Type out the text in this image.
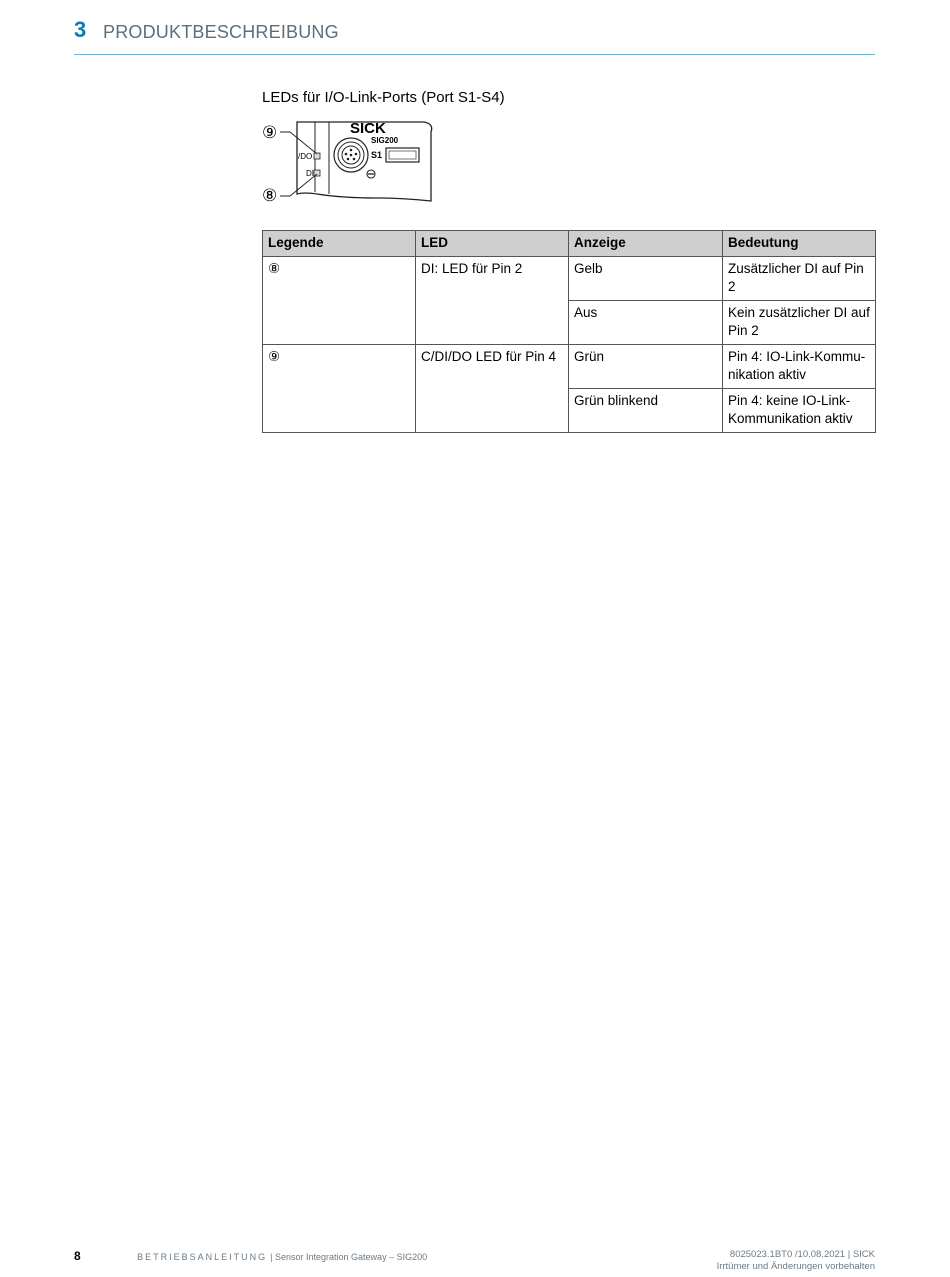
3 PRODUKTBESCHREIBUNG
LEDs für I/O-Link-Ports (Port S1-S4)
SICK
SIG200
S1
/DO
DI
⑨
⑧
Legende	LED	Anzeige	Bedeutung
⑧	DI: LED für Pin 2	Gelb	Zusätzlicher DI auf Pin 2
		Aus	Kein zusätzlicher DI auf Pin 2
⑨	C/DI/DO LED für Pin 4	Grün	Pin 4: IO-Link-Kommunikation aktiv
		Grün blinkend	Pin 4: keine IO-Link-Kommunikation aktiv
8	BETRIEBSANLEITUNG | Sensor Integration Gateway – SIG200	8025023.1BT0 /10.08.2021 | SICK
Irrtümer und Änderungen vorbehalten
